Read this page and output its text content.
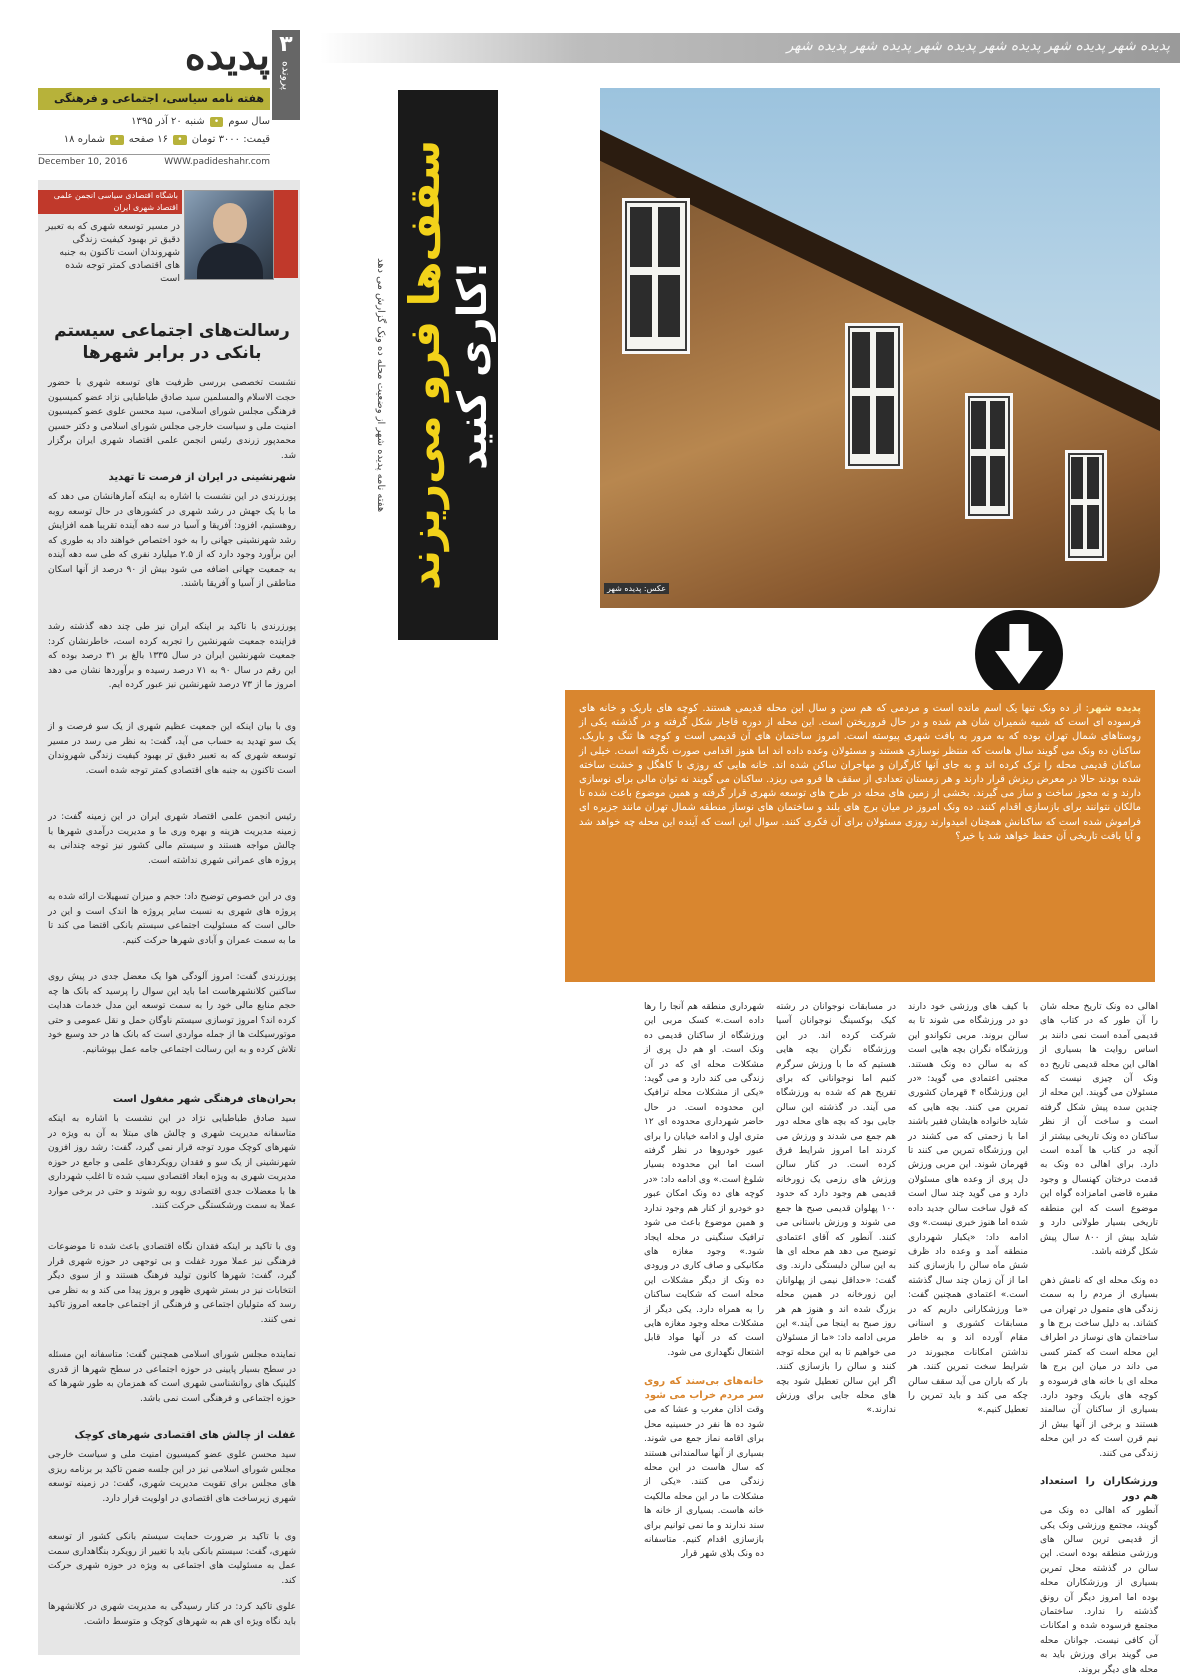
۳
پرونده
پدیده
هفته نامه سیاسی، اجتماعی و فرهنگی
سال سوم • شنبه ۲۰ آذر ۱۳۹۵
قیمت: ۳۰۰۰ تومان • ۱۶ صفحه • شماره ۱۸
December 10, 2016	WWW.padideshahr.com
باشگاه اقتصادی سیاسی انجمن علمی اقتصاد شهری ایران
در مسیر توسعه شهری که به تعبیر دقیق تر بهبود کیفیت زندگی شهروندان است تاکنون به جنبه های اقتصادی کمتر توجه شده است
رسالت‌های اجتماعی سیستم بانکی در برابر شهرها
نشست تخصصی بررسی ظرفیت های توسعه شهری با حضور حجت الاسلام والمسلمین سید صادق طباطبایی نژاد عضو کمیسیون فرهنگی مجلس شورای اسلامی، سید محسن علوی عضو کمیسیون امنیت ملی و سیاست خارجی مجلس شورای اسلامی و دکتر حسین محمدپور زرندی رئیس انجمن علمی اقتصاد شهری ایران برگزار شد.
شهرنشینی در ایران از فرصت تا تهدید
پورزرندی در این نشست با اشاره به اینکه آمارهانشان می دهد که ما با یک جهش در رشد شهری در کشورهای در حال توسعه روبه روهستیم، افزود: آفریقا و آسیا در سه دهه آینده تقریبا همه افزایش رشد شهرنشینی جهانی را به خود اختصاص خواهند داد به طوری که این برآورد وجود دارد که از ۲.۵ میلیارد نفری که طی سه دهه آینده به جمعیت جهانی اضافه می شود بیش از ۹۰ درصد از آنها اسکان مناطقی از آسیا و آفریقا باشند.
پورزرندی با تاکید بر اینکه ایران نیز طی چند دهه گذشته رشد فزاینده جمعیت شهرنشین را تجربه کرده است، خاطرنشان کرد: جمعیت شهرنشین ایران در سال ۱۳۳۵ بالغ بر ۳۱ درصد بوده که این رقم در سال ۹۰ به ۷۱ درصد رسیده و برآوردها نشان می دهد امروز ما از ۷۳ درصد شهرنشین نیز عبور کرده ایم.
وی با بیان اینکه این جمعیت عظیم شهری از یک سو فرصت و از یک سو تهدید به حساب می آید، گفت: به نظر می رسد در مسیر توسعه شهری که به تعبیر دقیق تر بهبود کیفیت زندگی شهروندان است تاکنون به جنبه های اقتصادی کمتر توجه شده است.
رئیس انجمن علمی اقتصاد شهری ایران در این زمینه گفت: در زمینه مدیریت هزینه و بهره وری ما و مدیریت درآمدی شهرها با چالش مواجه هستند و سیستم مالی کشور نیز توجه چندانی به پروژه های عمرانی شهری نداشته است.
وی در این خصوص توضیح داد: حجم و میزان تسهیلات ارائه شده به پروژه های شهری به نسبت سایر پروژه ها اندک است و این در حالی است که مسئولیت اجتماعی سیستم بانکی اقتضا می کند تا ما به سمت عمران و آبادی شهرها حرکت کنیم.
پورزرندی گفت: امروز آلودگی هوا یک معضل جدی در پیش روی ساکنین کلانشهرهاست اما باید این سوال را پرسید که بانک ها چه حجم منابع مالی خود را به سمت توسعه این مدل خدمات هدایت کرده اند؟ امروز توسازی سیستم ناوگان حمل و نقل عمومی و حتی موتورسیکلت ها از جمله مواردی است که بانک ها در حد وسیع خود تلاش کرده و به این رسالت اجتماعی جامه عمل بپوشانیم.
بحران‌های فرهنگی شهر مغفول است
سید صادق طباطبایی نژاد در این نشست با اشاره به اینکه متاسفانه مدیریت شهری و چالش های مبتلا به آن به ویژه در شهرهای کوچک مورد توجه قرار نمی گیرد، گفت: رشد روز افزون شهرنشینی از یک سو و فقدان رویکردهای علمی و جامع در حوزه مدیریت شهری به ویژه ابعاد اقتصادی سبب شده تا اغلب شهرداری ها با معضلات جدی اقتصادی روبه رو شوند و حتی در برخی موارد عملا به سمت ورشکستگی حرکت کنند.
وی با تاکید بر اینکه فقدان نگاه اقتصادی باعث شده تا موضوعات فرهنگی نیز عملا مورد غفلت و بی توجهی در حوزه شهری قرار گیرد، گفت: شهرها کانون تولید فرهنگ هستند و از سوی دیگر انتخابات نیز در بستر شهری ظهور و بروز پیدا می کند و به نظر می رسد که متولیان اجتماعی و فرهنگی از اجتماعی جامعه امروز تاکید نمی کنند.
نماینده مجلس شورای اسلامی همچنین گفت: متاسفانه این مسئله در سطح بسیار پایینی در حوزه اجتماعی در سطح شهرها از قدری کلینیک های روانشناسی شهری است که همزمان به طور شهرها که حوزه اجتماعی و فرهنگی است نمی باشد.
غفلت از چالش های اقتصادی شهرهای کوچک
سید محسن علوی عضو کمیسیون امنیت ملی و سیاست خارجی مجلس شورای اسلامی نیز در این جلسه ضمن تاکید بر برنامه ریزی های مجلس برای تقویت مدیریت شهری، گفت: در زمینه توسعه شهری زیرساخت های اقتصادی در اولویت قرار دارد.
وی با تاکید بر ضرورت حمایت سیستم بانکی کشور از توسعه شهری، گفت: سیستم بانکی باید با تغییر از رویکرد بنگاهداری سمت عمل به مسئولیت های اجتماعی به ویژه در حوزه شهری حرکت کند.
علوی تاکید کرد: در کنار رسیدگی به مدیریت شهری در کلانشهرها باید نگاه ویژه ای هم به شهرهای کوچک و متوسط داشت.
پدیده شهر پدیده شهر پدیده شهر پدیده شهر پدیده شهر پدیده شهر
هفته نامه پدیده شهر از وضعیت محله ده ونک گزارش می دهد کاری کنید!
سقف‌ها فرو می‌ریزند	عکس: پدیده شهر
پدیده شهر: از ده ونک تنها یک اسم مانده است و مردمی که هم سن و سال این محله قدیمی هستند. کوچه های باریک و خانه های فرسوده ای است که شبیه شمیران شان هم شده و در حال فروریختن است. این محله از دوره قاجار شکل گرفته و در گذشته یکی از روستاهای شمال تهران بوده که به مرور به بافت شهری پیوسته است. امروز ساختمان های آن قدیمی است و کوچه ها تنگ و باریک. ساکنان ده ونک می گویند سال هاست که منتظر نوسازی هستند و مسئولان وعده داده اند اما هنوز اقدامی صورت نگرفته است. خیلی از ساکنان قدیمی محله را ترک کرده اند و به جای آنها کارگران و مهاجران ساکن شده اند. خانه هایی که روزی با کاهگل و خشت ساخته شده بودند حالا در معرض ریزش قرار دارند و هر زمستان تعدادی از سقف ها فرو می ریزد. ساکنان می گویند نه توان مالی برای نوسازی دارند و نه مجوز ساخت و ساز می گیرند. بخشی از زمین های محله در طرح های توسعه شهری قرار گرفته و همین موضوع باعث شده تا مالکان نتوانند برای بازسازی اقدام کنند. ده ونک امروز در میان برج های بلند و ساختمان های نوساز منطقه شمال تهران مانند جزیره ای فراموش شده است که ساکنانش همچنان امیدوارند روزی مسئولان برای آن فکری کنند. سوال این است که آینده این محله چه خواهد شد و آیا بافت تاریخی آن حفظ خواهد شد یا خیر؟
اهالی ده ونک تاریخ محله شان را آن طور که در کتاب های قدیمی آمده است نمی دانند بر اساس روایت ها بسیاری از اهالی این محله قدیمی تاریخ ده ونک آن چیزی نیست که مسئولان می گویند. این محله از چندین سده پیش شکل گرفته است و ساخت آن از نظر ساکنان ده ونک تاریخی بیشتر از آنچه در کتاب ها آمده است دارد. برای اهالی ده ونک به قدمت درختان کهنسال و وجود مقبره قاضی امامزاده گواه این موضوع است که این منطقه تاریخی بسیار طولانی دارد و شاید بیش از ۸۰۰ سال پیش شکل گرفته باشد.

ده ونک محله ای که نامش ذهن بسیاری از مردم را به سمت زندگی های متمول در تهران می کشاند. به دلیل ساخت برج ها و ساختمان های نوساز در اطراف این محله است که کمتر کسی می داند در میان این برج ها محله ای با خانه های فرسوده و کوچه های باریک وجود دارد. بسیاری از ساکنان آن سالمند هستند و برخی از آنها بیش از نیم قرن است که در این محله زندگی می کنند.

ورزشکاران را استعداد هم دور
آنطور که اهالی ده ونک می گویند، مجتمع ورزشی ونک یکی از قدیمی ترین سالن های ورزشی منطقه بوده است. این سالن در گذشته محل تمرین بسیاری از ورزشکاران محله بوده اما امروز دیگر آن رونق گذشته را ندارد. ساختمان مجتمع فرسوده شده و امکانات آن کافی نیست. جوانان محله می گویند برای ورزش باید به محله های دیگر بروند.
با کیف های ورزشی خود دارند دو در ورزشگاه می شوند تا به سالن بروند. مربی تکواندو این ورزشگاه نگران بچه هایی است که به سالن ده ونک هستند. مجتبی اعتمادی می گوید: «در این ورزشگاه ۴ قهرمان کشوری تمرین می کنند. بچه هایی که شاید خانواده هایشان فقیر باشند اما با زحمتی که می کشند در این ورزشگاه تمرین می کنند تا قهرمان شوند. این مربی ورزش دل پری از وعده های مسئولان دارد و می گوید چند سال است که قول ساخت سالن جدید داده شده اما هنوز خبری نیست.» وی ادامه داد: «یکبار شهرداری منطقه آمد و وعده داد ظرف شش ماه سالن را بازسازی کند اما از آن زمان چند سال گذشته است.» اعتمادی همچنین گفت: «ما ورزشکارانی داریم که در مسابقات کشوری و استانی مقام آورده اند و به خاطر نداشتن امکانات مجبورند در شرایط سخت تمرین کنند. هر بار که باران می آید سقف سالن چکه می کند و باید تمرین را تعطیل کنیم.»
در مسابقات نوجوانان در رشته کیک بوکسینگ نوجوانان آسیا شرکت کرده اند. در این ورزشگاه نگران بچه هایی هستیم که ما با ورزش سرگرم کنیم اما نوجوانانی که برای تفریح هم که شده به ورزشگاه می آیند. در گذشته این سالن جایی بود که بچه های محله دور هم جمع می شدند و ورزش می کردند اما امروز شرایط فرق کرده است. در کنار سالن ورزش های رزمی یک زورخانه قدیمی هم وجود دارد که حدود ۱۰۰ پهلوان قدیمی صبح ها جمع می شوند و ورزش باستانی می کنند. آنطور که آقای اعتمادی توضیح می دهد هم محله ای ها به این سالن دلبستگی دارند. وی گفت: «حداقل نیمی از پهلوانان این زورخانه در همین محله بزرگ شده اند و هنوز هم هر روز صبح به اینجا می آیند.» این مربی ادامه داد: «ما از مسئولان می خواهیم تا به این محله توجه کنند و سالن را بازسازی کنند. اگر این سالن تعطیل شود بچه های محله جایی برای ورزش ندارند.»
شهرداری منطقه هم آنجا را رها داده است.» کسک مربی این ورزشگاه از ساکنان قدیمی ده ونک است. او هم دل پری از مشکلات محله ای که در آن زندگی می کند دارد و می گوید: «یکی از مشکلات محله ترافیک این محدوده است. در حال حاضر شهرداری محدوده ای ۱۲ متری اول و ادامه خیابان را برای عبور خودروها در نظر گرفته است اما این محدوده بسیار شلوغ است.» وی ادامه داد: «در کوچه های ده ونک امکان عبور دو خودرو از کنار هم وجود ندارد و همین موضوع باعث می شود ترافیک سنگینی در محله ایجاد شود.» وجود مغازه های مکانیکی و صاف کاری در ورودی ده ونک از دیگر مشکلات این محله است که شکایت ساکنان را به همراه دارد. یکی دیگر از مشکلات محله وجود مغازه هایی است که در آنها مواد قابل اشتعال نگهداری می شود.

خانه‌های بی‌سند که روی سر مردم خراب می شود
وقت اذان مغرب و عشا که می شود ده ها نفر در حسینیه محل برای اقامه نماز جمع می شوند. بسیاری از آنها سالمندانی هستند که سال هاست در این محله زندگی می کنند. «یکی از مشکلات ما در این محله مالکیت خانه هاست. بسیاری از خانه ها سند ندارند و ما نمی توانیم برای بازسازی اقدام کنیم. متاسفانه ده ونک بلای شهر قرار
